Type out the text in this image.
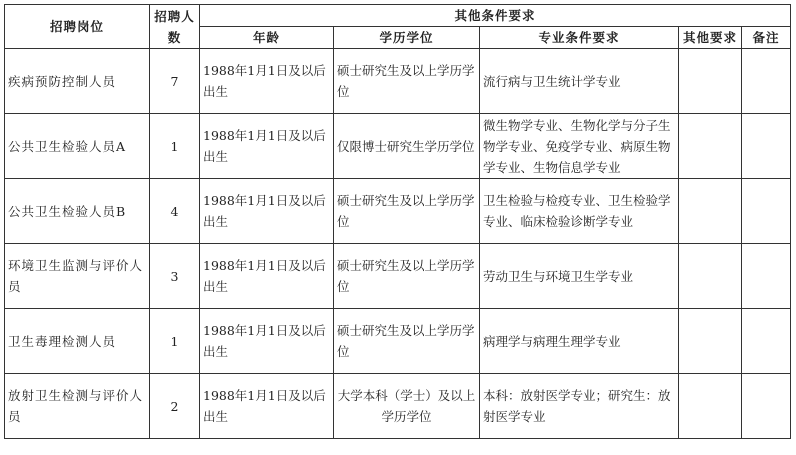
招聘岗位	招聘人数	其他条件要求				
		年龄	学历学位	专业条件要求	其他要求	备注
疾病预防控制人员	7	1988年1月1日及以后出生	硕士研究生及以上学历学位	流行病与卫生统计学专业		
公共卫生检验人员A	1	1988年1月1日及以后出生	仅限博士研究生学历学位	微生物学专业、生物化学与分子生物学专业、免疫学专业、病原生物学专业、生物信息学专业		
公共卫生检验人员B	4	1988年1月1日及以后出生	硕士研究生及以上学历学位	卫生检验与检疫专业、卫生检验学专业、临床检验诊断学专业		
环境卫生监测与评价人员	3	1988年1月1日及以后出生	硕士研究生及以上学历学位	劳动卫生与环境卫生学专业		
卫生毒理检测人员	1	1988年1月1日及以后出生	硕士研究生及以上学历学位	病理学与病理生理学专业		
放射卫生检测与评价人员	2	1988年1月1日及以后出生	大学本科（学士）及以上学历学位	本科：放射医学专业；研究生：放射医学专业		
